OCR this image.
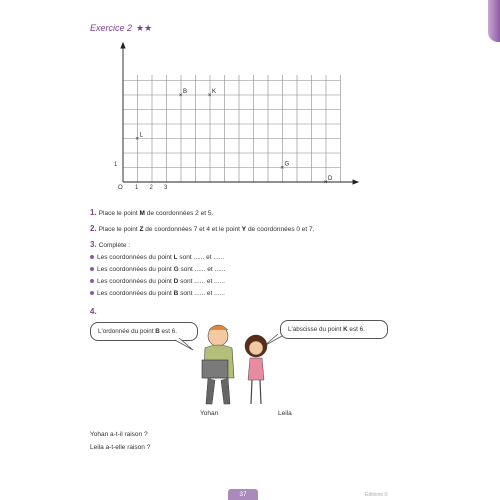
Exercice 2 ★★
O 1 2 3
1
×
B
×
K
×
L
×
G
×
D
1. Place le point M de coordonnées 2 et 5.
2. Place le point Z de coordonnées 7 et 4 et le point Y de coordonnées 0 et 7.
3. Complète :
Les coordonnées du point L sont ...... et ......
Les coordonnées du point G sont ...... et ......
Les coordonnées du point D sont ...... et ......
Les coordonnées du point B sont ...... et ......
4.
L'ordonnée du point B est 6.	L'abscisse du point K est 6.
Yohan	Leila
Yohan a-t-il raison ?
Leila a-t-elle raison ?
37	Éditions ©
